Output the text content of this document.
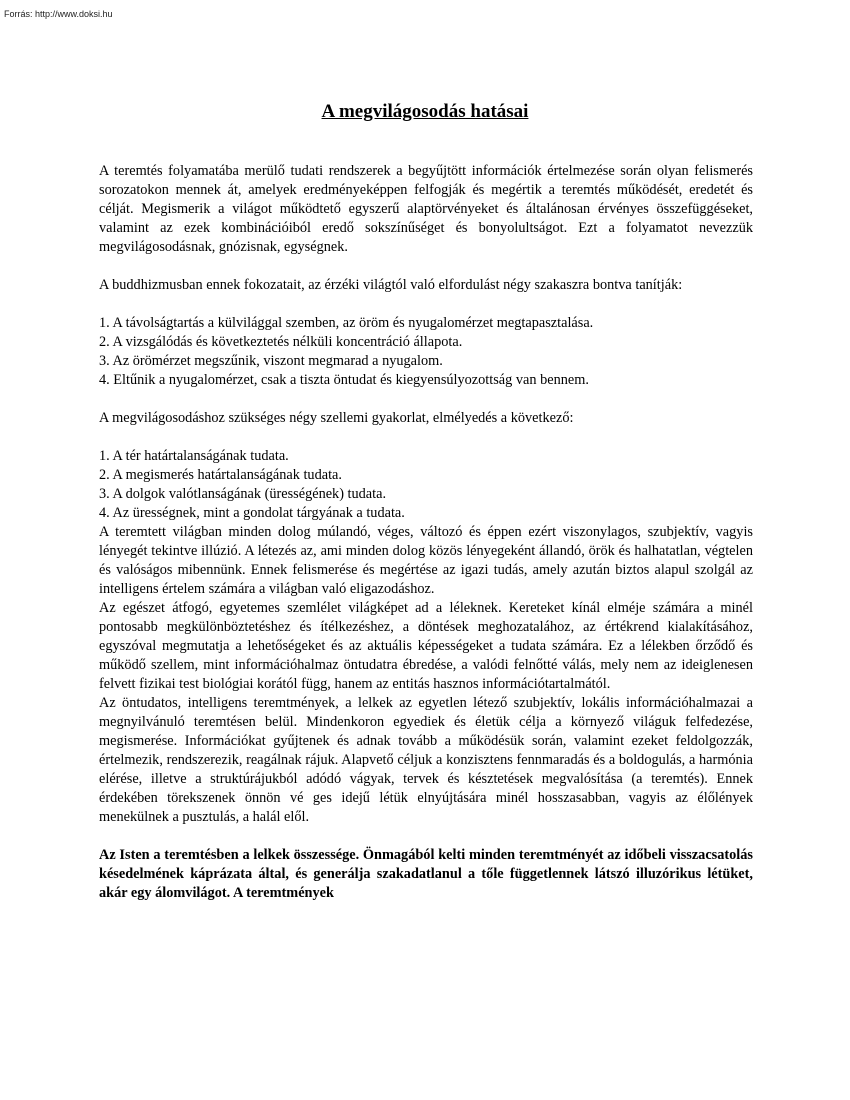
Forrás: http://www.doksi.hu
A megvilágosodás hatásai

A teremtés folyamatába merülő tudati rendszerek a begyűjtött információk értelmezése során olyan felismerés sorozatokon mennek át, amelyek eredményeképpen felfogják és megértik a teremtés működését, eredetét és célját. Megismerik a világot működtető egyszerű alaptörvényeket és általánosan érvényes összefüggéseket, valamint az ezek kombinációiból eredő sokszínűséget és bonyolultságot. Ezt a folyamatot nevezzük megvilágosodásnak, gnózisnak, egységnek.

A buddhizmusban ennek fokozatait, az érzéki világtól való elfordulást négy szakaszra bontva tanítják:

1. A távolságtartás a külvilággal szemben, az öröm és nyugalomérzet megtapasztalása.
2. A vizsgálódás és következtetés nélküli koncentráció állapota.
3. Az örömérzet megszűnik, viszont megmarad a nyugalom.
4. Eltűnik a nyugalomérzet, csak a tiszta öntudat és kiegyensúlyozottság van bennem.

A megvilágosodáshoz szükséges négy szellemi gyakorlat, elmélyedés a következő:

1. A tér határtalanságának tudata.
2. A megismerés határtalanságának tudata.
3. A dolgok valótlanságának (ürességének) tudata.
4. Az ürességnek, mint a gondolat tárgyának a tudata.

A teremtett világban minden dolog múlandó, véges, változó és éppen ezért viszonylagos, szubjektív, vagyis lényegét tekintve illúzió. A létezés az, ami minden dolog közös lényegeként állandó, örök és halhatatlan, végtelen és valóságos mibennünk. Ennek felismerése és megértése az igazi tudás, amely azután biztos alapul szolgál az intelligens értelem számára a világban való eligazodáshoz.

Az egészet átfogó, egyetemes szemlélet világképet ad a léleknek. Kereteket kínál elméje számára a minél pontosabb megkülönböztetéshez és ítélkezéshez, a döntések meghozatalához, az értékrend kialakításához, egyszóval megmutatja a lehetőségeket és az aktuális képességeket a tudata számára. Ez a lélekben őrződő és működő szellem, mint információhalmaz öntudatra ébredése, a valódi felnőtté válás, mely nem az ideiglenesen felvett fizikai test biológiai korától függ, hanem az entitás hasznos információtartalmától.

Az öntudatos, intelligens teremtmények, a lelkek az egyetlen létező szubjektív, lokális információhalmazai a megnyilvánuló teremtésen belül. Mindenkoron egyediek és életük célja a környező világuk felfedezése, megismerése. Információkat gyűjtenek és adnak tovább a működésük során, valamint ezeket feldolgozzák, értelmezik, rendszerezik, reagálnak rájuk. Alapvető céljuk a konzisztens fennmaradás és a boldogulás, a harmónia elérése, illetve a struktúrájukból adódó vágyak, tervek és késztetések megvalósítása (a teremtés). Ennek érdekében törekszenek önnön vé ges idejű létük elnyújtására minél hosszasabban, vagyis az élőlények menekülnek a pusztulás, a halál elől.

Az Isten a teremtésben a lelkek összessége. Önmagából kelti minden teremtményét az időbeli visszacsatolás késedelmének káprázata által, és generálja szakadatlanul a tőle függetlennek látszó illuzórikus létüket, akár egy álomvilágot. A teremtmények
